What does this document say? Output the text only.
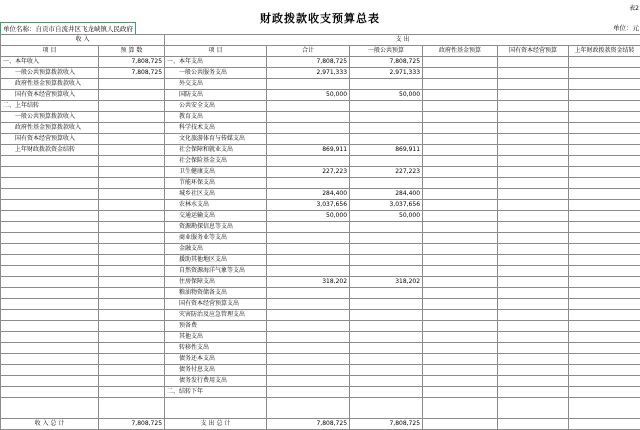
表2
财政拨款收支预算总表
单位名称：自贡市自流井区飞龙峡镇人民政府	单位：元
收 入		支 出					
项 目	预 算 数	项 目	合计	一般公共预算	政府性基金预算	国有资本经营预算	上年财政拨款资金结转
一、本年收入	7,808,725	一、本年支出	7,808,725	7,808,725			
一般公共预算拨款收入	7,808,725	一般公共服务支出	2,971,333	2,971,333			
政府性基金预算拨款收入		外交支出					
国有资本经营预算收入		国防支出	50,000	50,000			
二、上年结转		公共安全支出					
一般公共预算拨款收入		教育支出					
政府性基金预算拨款收入		科学技术支出					
国有资本经营预算收入		文化旅游体育与传媒支出					
上年财政拨款资金结转		社会保障和就业支出	869,911	869,911			
		社会保险基金支出					
		卫生健康支出	227,223	227,223			
		节能环保支出					
		城乡社区支出	284,400	284,400			
		农林水支出	3,037,656	3,037,656			
		交通运输支出	50,000	50,000			
		资源勘探信息等支出					
		商业服务业等支出					
		金融支出					
		援助其他地区支出					
		自然资源海洋气象等支出					
		住房保障支出	318,202	318,202			
		粮油物资储备支出					
		国有资本经营预算支出					
		灾害防治及应急管理支出					
		预备费					
		其他支出					
		转移性支出					
		债务还本支出					
		债务付息支出					
		债务发行费用支出					
		二、结转下年					

收 入 总 计	7,808,725	支 出 总 计	7,808,725	7,808,725			
